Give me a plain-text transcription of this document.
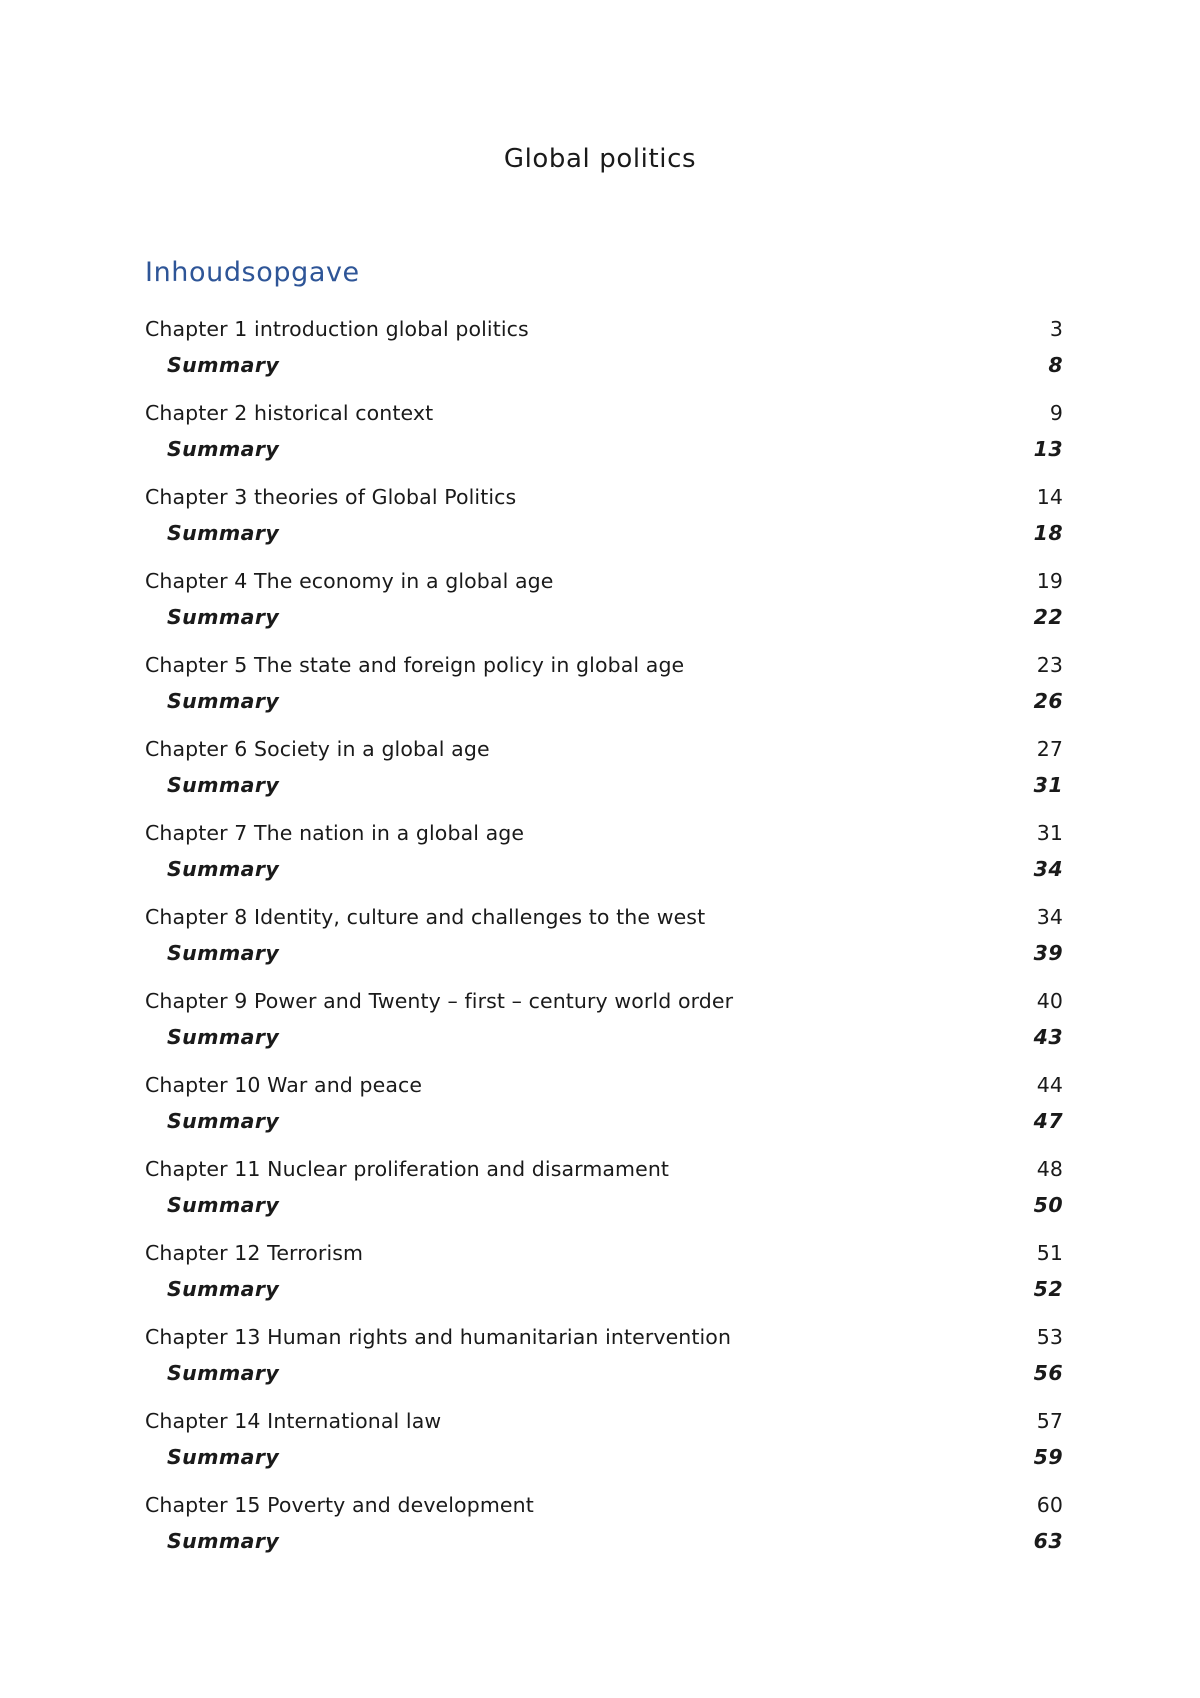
Global politics
Inhoudsopgave
Chapter 1 introduction global politics	3
Summary	8
Chapter 2 historical context	9
Summary	13
Chapter 3 theories of Global Politics	14
Summary	18
Chapter 4 The economy in a global age	19
Summary	22
Chapter 5 The state and foreign policy in global age	23
Summary	26
Chapter 6 Society in a global age	27
Summary	31
Chapter 7 The nation in a global age	31
Summary	34
Chapter 8 Identity, culture and challenges to the west	34
Summary	39
Chapter 9 Power and Twenty – first – century world order	40
Summary	43
Chapter 10 War and peace	44
Summary	47
Chapter 11 Nuclear proliferation and disarmament	48
Summary	50
Chapter 12 Terrorism	51
Summary	52
Chapter 13 Human rights and humanitarian intervention	53
Summary	56
Chapter 14 International law	57
Summary	59
Chapter 15 Poverty and development	60
Summary	63
